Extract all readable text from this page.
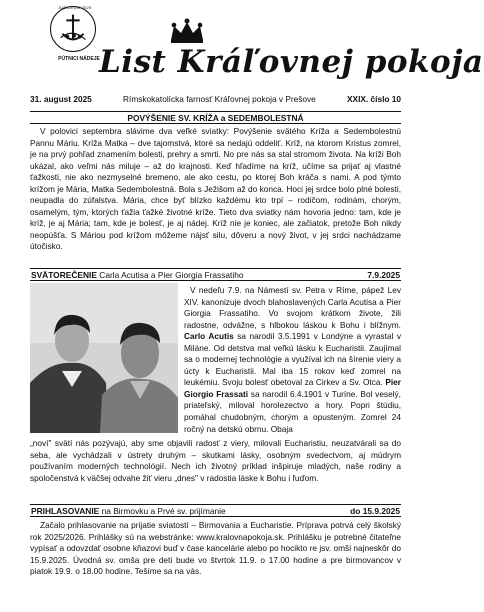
JUBILEUM 2025
PÚTNICI NÁDEJE List Kráľovnej pokoja
31. august 2025	Rímskokatolícka farnosť Kráľovnej pokoja v Prešove	XXIX. číslo 10
POVÝŠENIE SV. KRÍŽA a SEDEMBOLESTNÁ
V polovici septembra slávime dva veľké sviatky: Povýšenie svätého Kríža a Sedembolestnú Pannu Máriu. Kríža Matka – dve tajomstvá, ktoré sa nedajú oddeliť. Kríž, na ktorom Kristus zomrel, je na prvý pohľad znamením bolesti, prehry a smrti. No pre nás sa stal stromom života. Na kríži Boh ukázal, ako veľmi nás miluje – až do krajnosti. Keď hľadíme na kríž, učíme sa prijať aj vlastné ťažkosti, nie ako nezmyselné bremeno, ale ako cestu, po ktorej Boh kráča s nami. A pod týmto krížom je Mária, Matka Sedembolestná. Bola s Ježišom až do konca. Hoci jej srdce bolo plné bolesti, neupadla do zúfalstva. Mária, chce byť blízko každému kto trpí – rodičom, rodinám, chorým, osamelým, tým, ktorých ťažia ťažké životné kríže. Tieto dva sviatky nám hovoria jedno: tam, kde je kríž, je aj Mária; tam, kde je bolesť, je aj nádej. Kríž nie je koniec, ale začiatok, pretože Boh nikdy neopúšťa. S Máriou pod krížom môžeme nájsť silu, dôveru a nový život, v jej srdci nachádzame útočisko.
SVÄTOREČENIE Carla Acutisa a Pier Giorgia Frassatiho	7.9.2025
V nedeľu 7.9. na Námestí sv. Petra v Ríme, pápež Lev XIV. kanonizuje dvoch blahoslavených Carla Acutisa a Pier Giorgia Frassatiho. Vo svojom krátkom živote, žili radostne, odvážne, s hlbokou láskou k Bohu i blížnym. Carlo Acutis sa narodil 3.5.1991 v Londýne a vyrastal v Miláne. Od detstva mal veľkú lásku k Eucharistii. Zaujímal sa o modernej technológie a využíval ich na šírenie viery a úcty k Eucharistii. Mal iba 15 rokov keď zomrel na leukémiu. Svoju bolesť obetoval za Cirkev a Sv. Otca. Pier Giorgio Frassati sa narodil 6.4.1901 v Turíne. Bol veselý, priateľský, miloval horolezectvo a hory. Popri štúdiu, pomáhal chudobným, chorým a opusteným. Zomrel 24 ročný na detskú obrnu. Obaja
„noví" svätí nás pozývajú, aby sme objavili radosť z viery, milovali Eucharistiu, neuzatvárali sa do seba, ale vychádzali v ústrety druhým – skutkami lásky, osobným svedectvom, aj múdrym používaním moderných technológií. Nech ich životný príklad inšpiruje mladých, naše rodiny a spoločenstvá k väčšej odvahe žiť vieru „dnes" v radostia láske k Bohu i ľuďom.
PRIHLASOVANIE na Birmovku a Prvé sv. prijímanie	do 15.9.2025
Začalo prihlasovanie na prijatie sviatostí – Birmovania a Eucharistie. Príprava potrvá celý školský rok 2025/2026. Prihlášky sú na webstránke: www.kralovnapokoja.sk. Prihlášku je potrebné čitateľne vypísať a odovzdať osobne kňazovi buď v čase kancelárie alebo po hocikto re jsv. omši najneskôr do 15.9.2025. Úvodná sv. omša pre deti bude vo štvrtok 11.9. o 17.00 hodine a pre birmovancov v piatok 19.9. o 18.00 hodine. Tešíme sa na vás.
